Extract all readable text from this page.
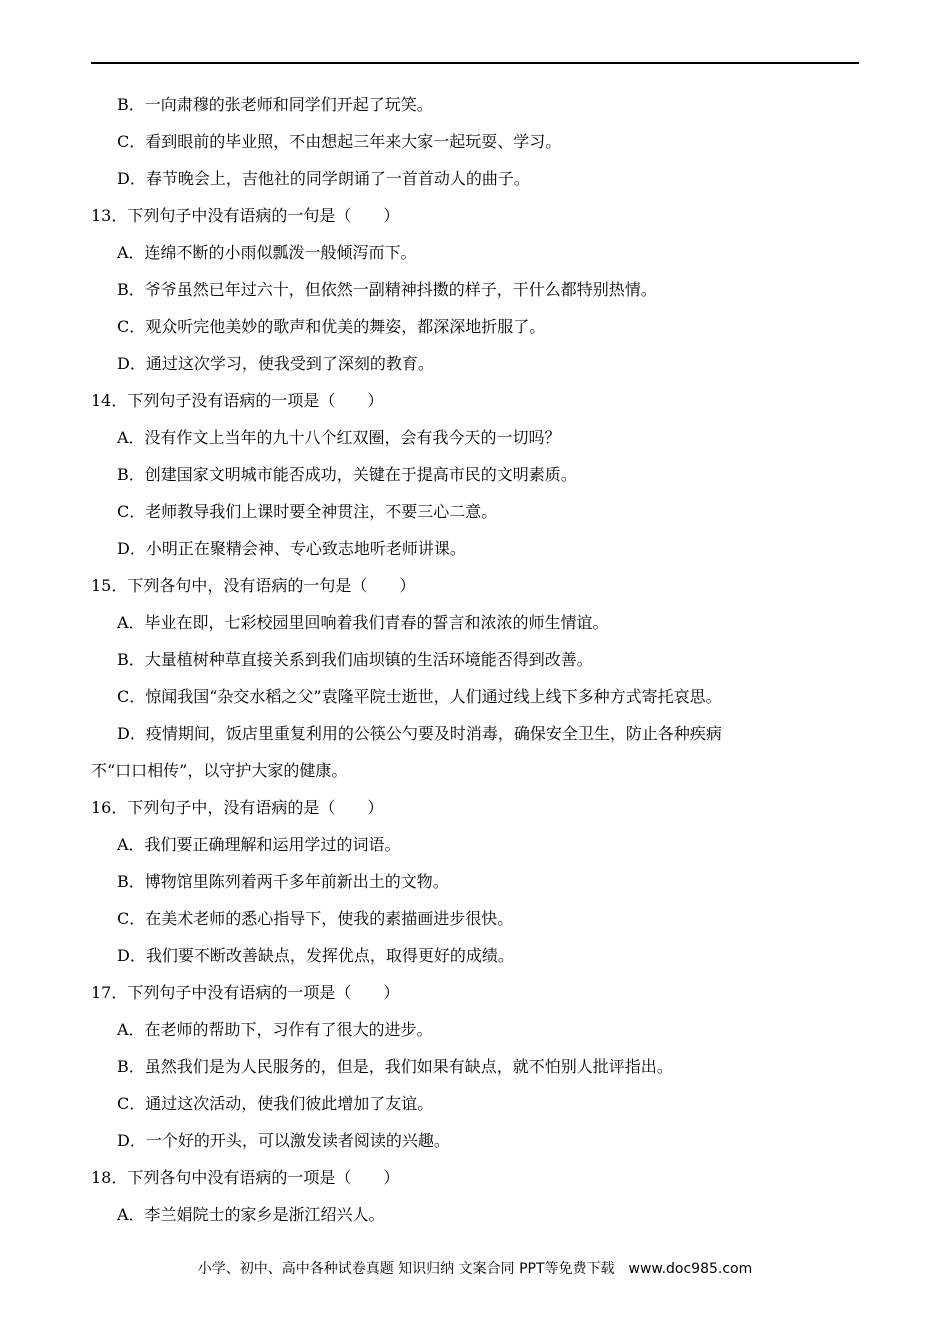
B．一向肃穆的张老师和同学们开起了玩笑。
C．看到眼前的毕业照，不由想起三年来大家一起玩耍、学习。
D．春节晚会上，吉他社的同学朗诵了一首首动人的曲子。
13．下列句子中没有语病的一句是（　　）
A．连绵不断的小雨似瓢泼一般倾泻而下。
B．爷爷虽然已年过六十，但依然一副精神抖擞的样子，干什么都特别热情。
C．观众听完他美妙的歌声和优美的舞姿，都深深地折服了。
D．通过这次学习，使我受到了深刻的教育。
14．下列句子没有语病的一项是（　　）
A．没有作文上当年的九十八个红双圈，会有我今天的一切吗？
B．创建国家文明城市能否成功，关键在于提高市民的文明素质。
C．老师教导我们上课时要全神贯注，不要三心二意。
D．小明正在聚精会神、专心致志地听老师讲课。
15．下列各句中，没有语病的一句是（　　）
A．毕业在即，七彩校园里回响着我们青春的誓言和浓浓的师生情谊。
B．大量植树种草直接关系到我们庙坝镇的生活环境能否得到改善。
C．惊闻我国“杂交水稻之父”袁隆平院士逝世，人们通过线上线下多种方式寄托哀思。
D．疫情期间，饭店里重复利用的公筷公勺要及时消毒，确保安全卫生，防止各种疾病
不“口口相传”，以守护大家的健康。
16．下列句子中，没有语病的是（　　）
A．我们要正确理解和运用学过的词语。
B．博物馆里陈列着两千多年前新出土的文物。
C．在美术老师的悉心指导下，使我的素描画进步很快。
D．我们要不断改善缺点，发挥优点，取得更好的成绩。
17．下列句子中没有语病的一项是（　　）
A．在老师的帮助下，习作有了很大的进步。
B．虽然我们是为人民服务的，但是，我们如果有缺点，就不怕别人批评指出。
C．通过这次活动，使我们彼此增加了友谊。
D．一个好的开头，可以激发读者阅读的兴趣。
18．下列各句中没有语病的一项是（　　）
A．李兰娟院士的家乡是浙江绍兴人。
小学、初中、高中各种试卷真题 知识归纳 文案合同 PPT等免费下载 www.doc985.com
